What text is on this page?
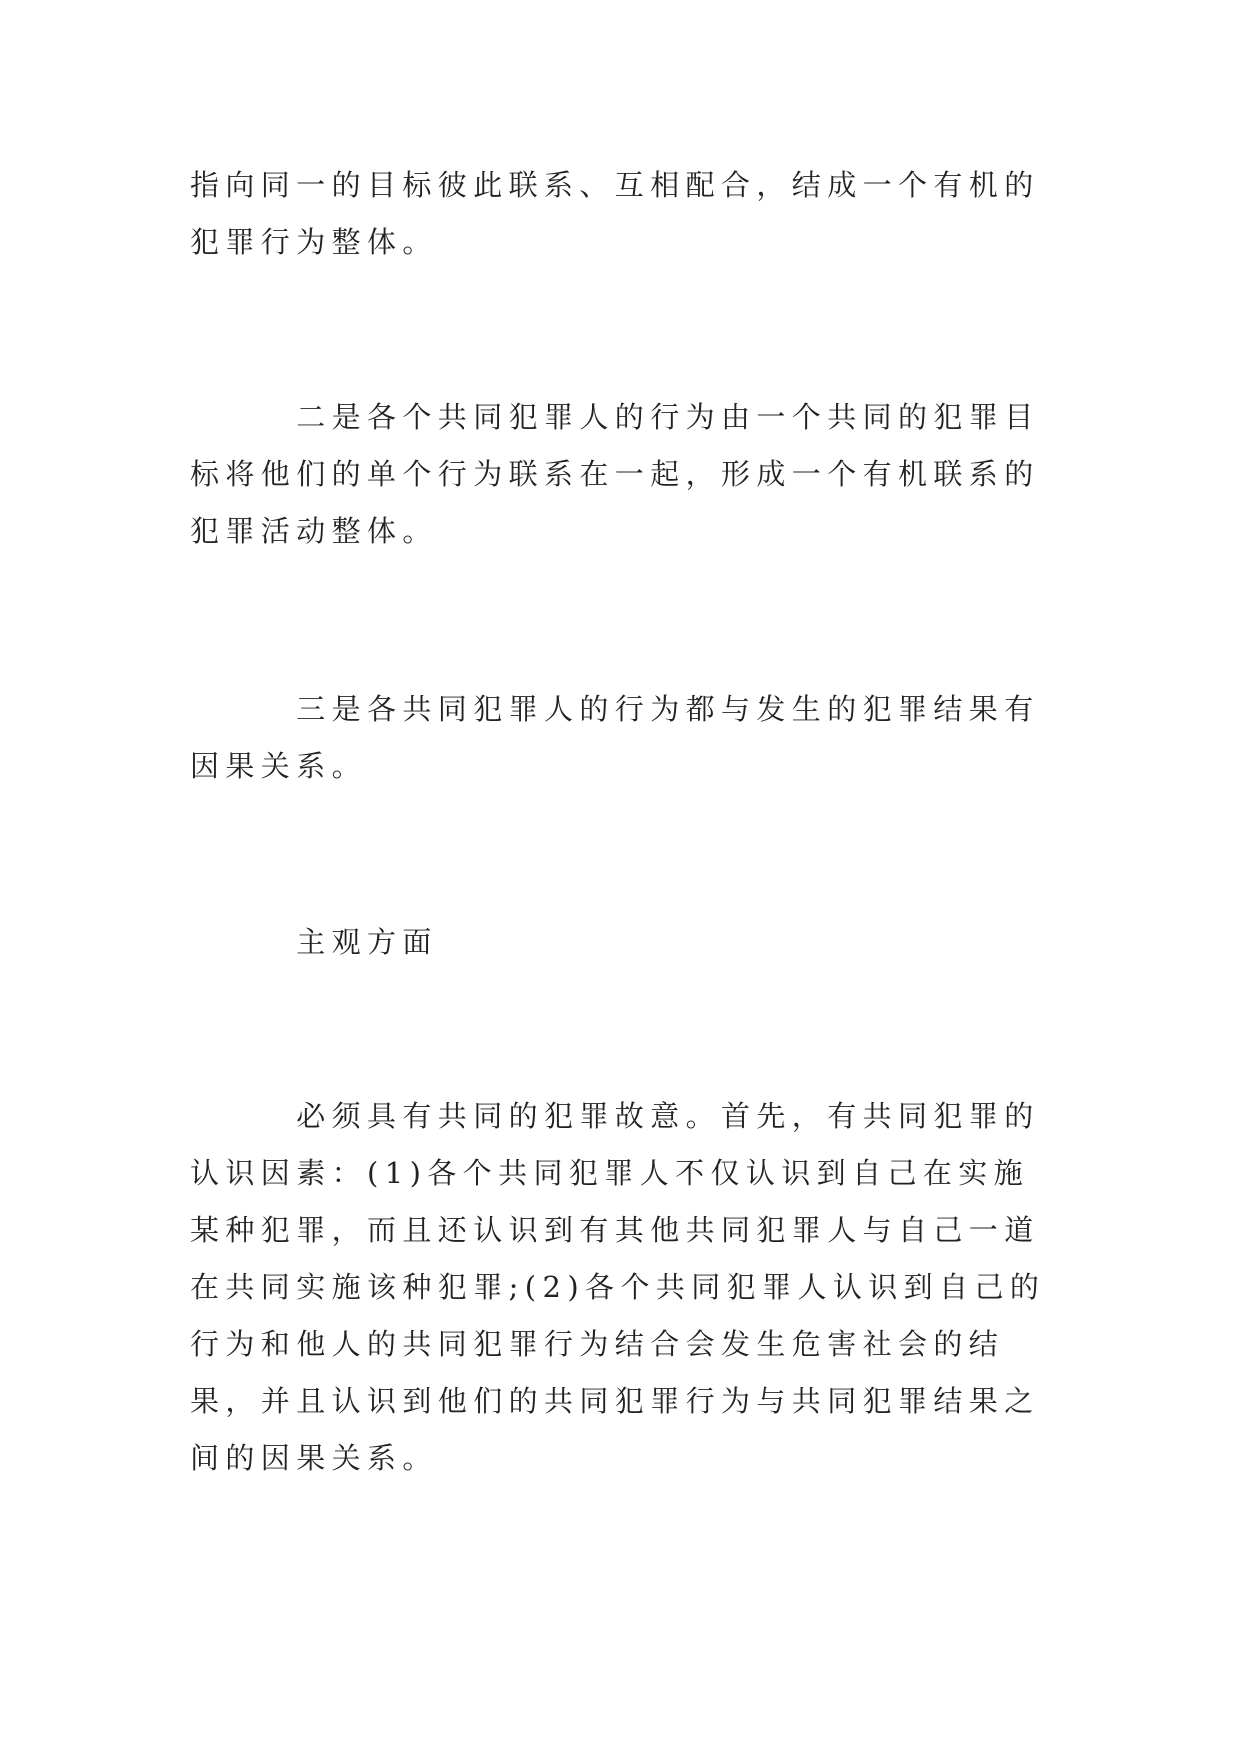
指向同一的目标彼此联系、互相配合，结成一个有机的犯罪行为整体。

　　　二是各个共同犯罪人的行为由一个共同的犯罪目标将他们的单个行为联系在一起，形成一个有机联系的犯罪活动整体。

　　　三是各共同犯罪人的行为都与发生的犯罪结果有因果关系。

　　　主观方面

　　　必须具有共同的犯罪故意。首先，有共同犯罪的认识因素：(1)各个共同犯罪人不仅认识到自己在实施某种犯罪，而且还认识到有其他共同犯罪人与自己一道在共同实施该种犯罪;(2)各个共同犯罪人认识到自己的行为和他人的共同犯罪行为结合会发生危害社会的结果，并且认识到他们的共同犯罪行为与共同犯罪结果之间的因果关系。
